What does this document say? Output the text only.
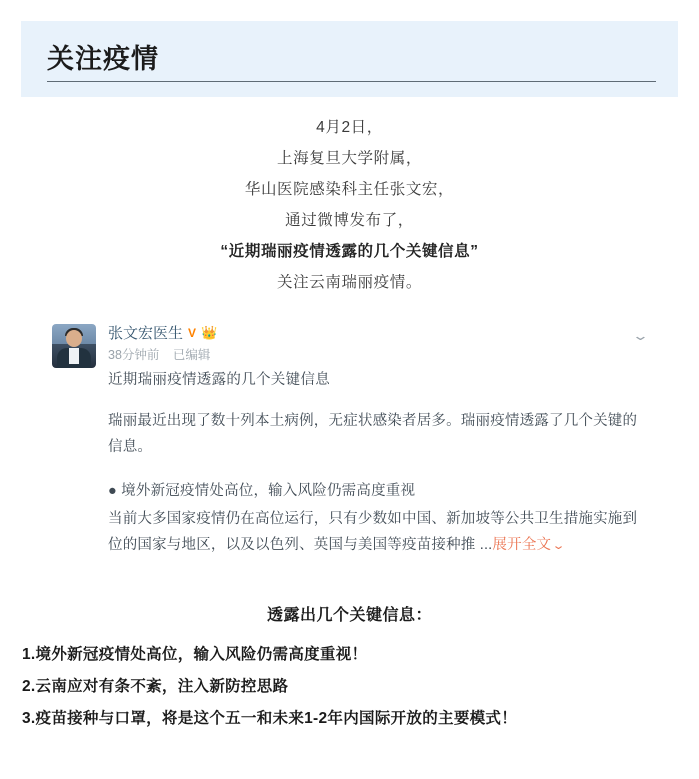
关注疫情
4月2日，
上海复旦大学附属，
华山医院感染科主任张文宏，
通过微博发布了，
“近期瑞丽疫情透露的几个关键信息”
关注云南瑞丽疫情。
张文宏医生 V 👑
38分钟前 已编辑
近期瑞丽疫情透露的几个关键信息

瑞丽最近出现了数十列本土病例，无症状感染者居多。瑞丽疫情透露了几个关键的信息。

● 境外新冠疫情处高位，输入风险仍需高度重视

当前大多国家疫情仍在高位运行，只有少数如中国、新加坡等公共卫生措施实施到位的国家与地区，以及以色列、英国与美国等疫苗接种推 ...展开全文⌄

⌄
透露出几个关键信息：
1.境外新冠疫情处高位，输入风险仍需高度重视！
2.云南应对有条不紊，注入新防控思路
3.疫苗接种与口罩，将是这个五一和未来1-2年内国际开放的主要模式！
